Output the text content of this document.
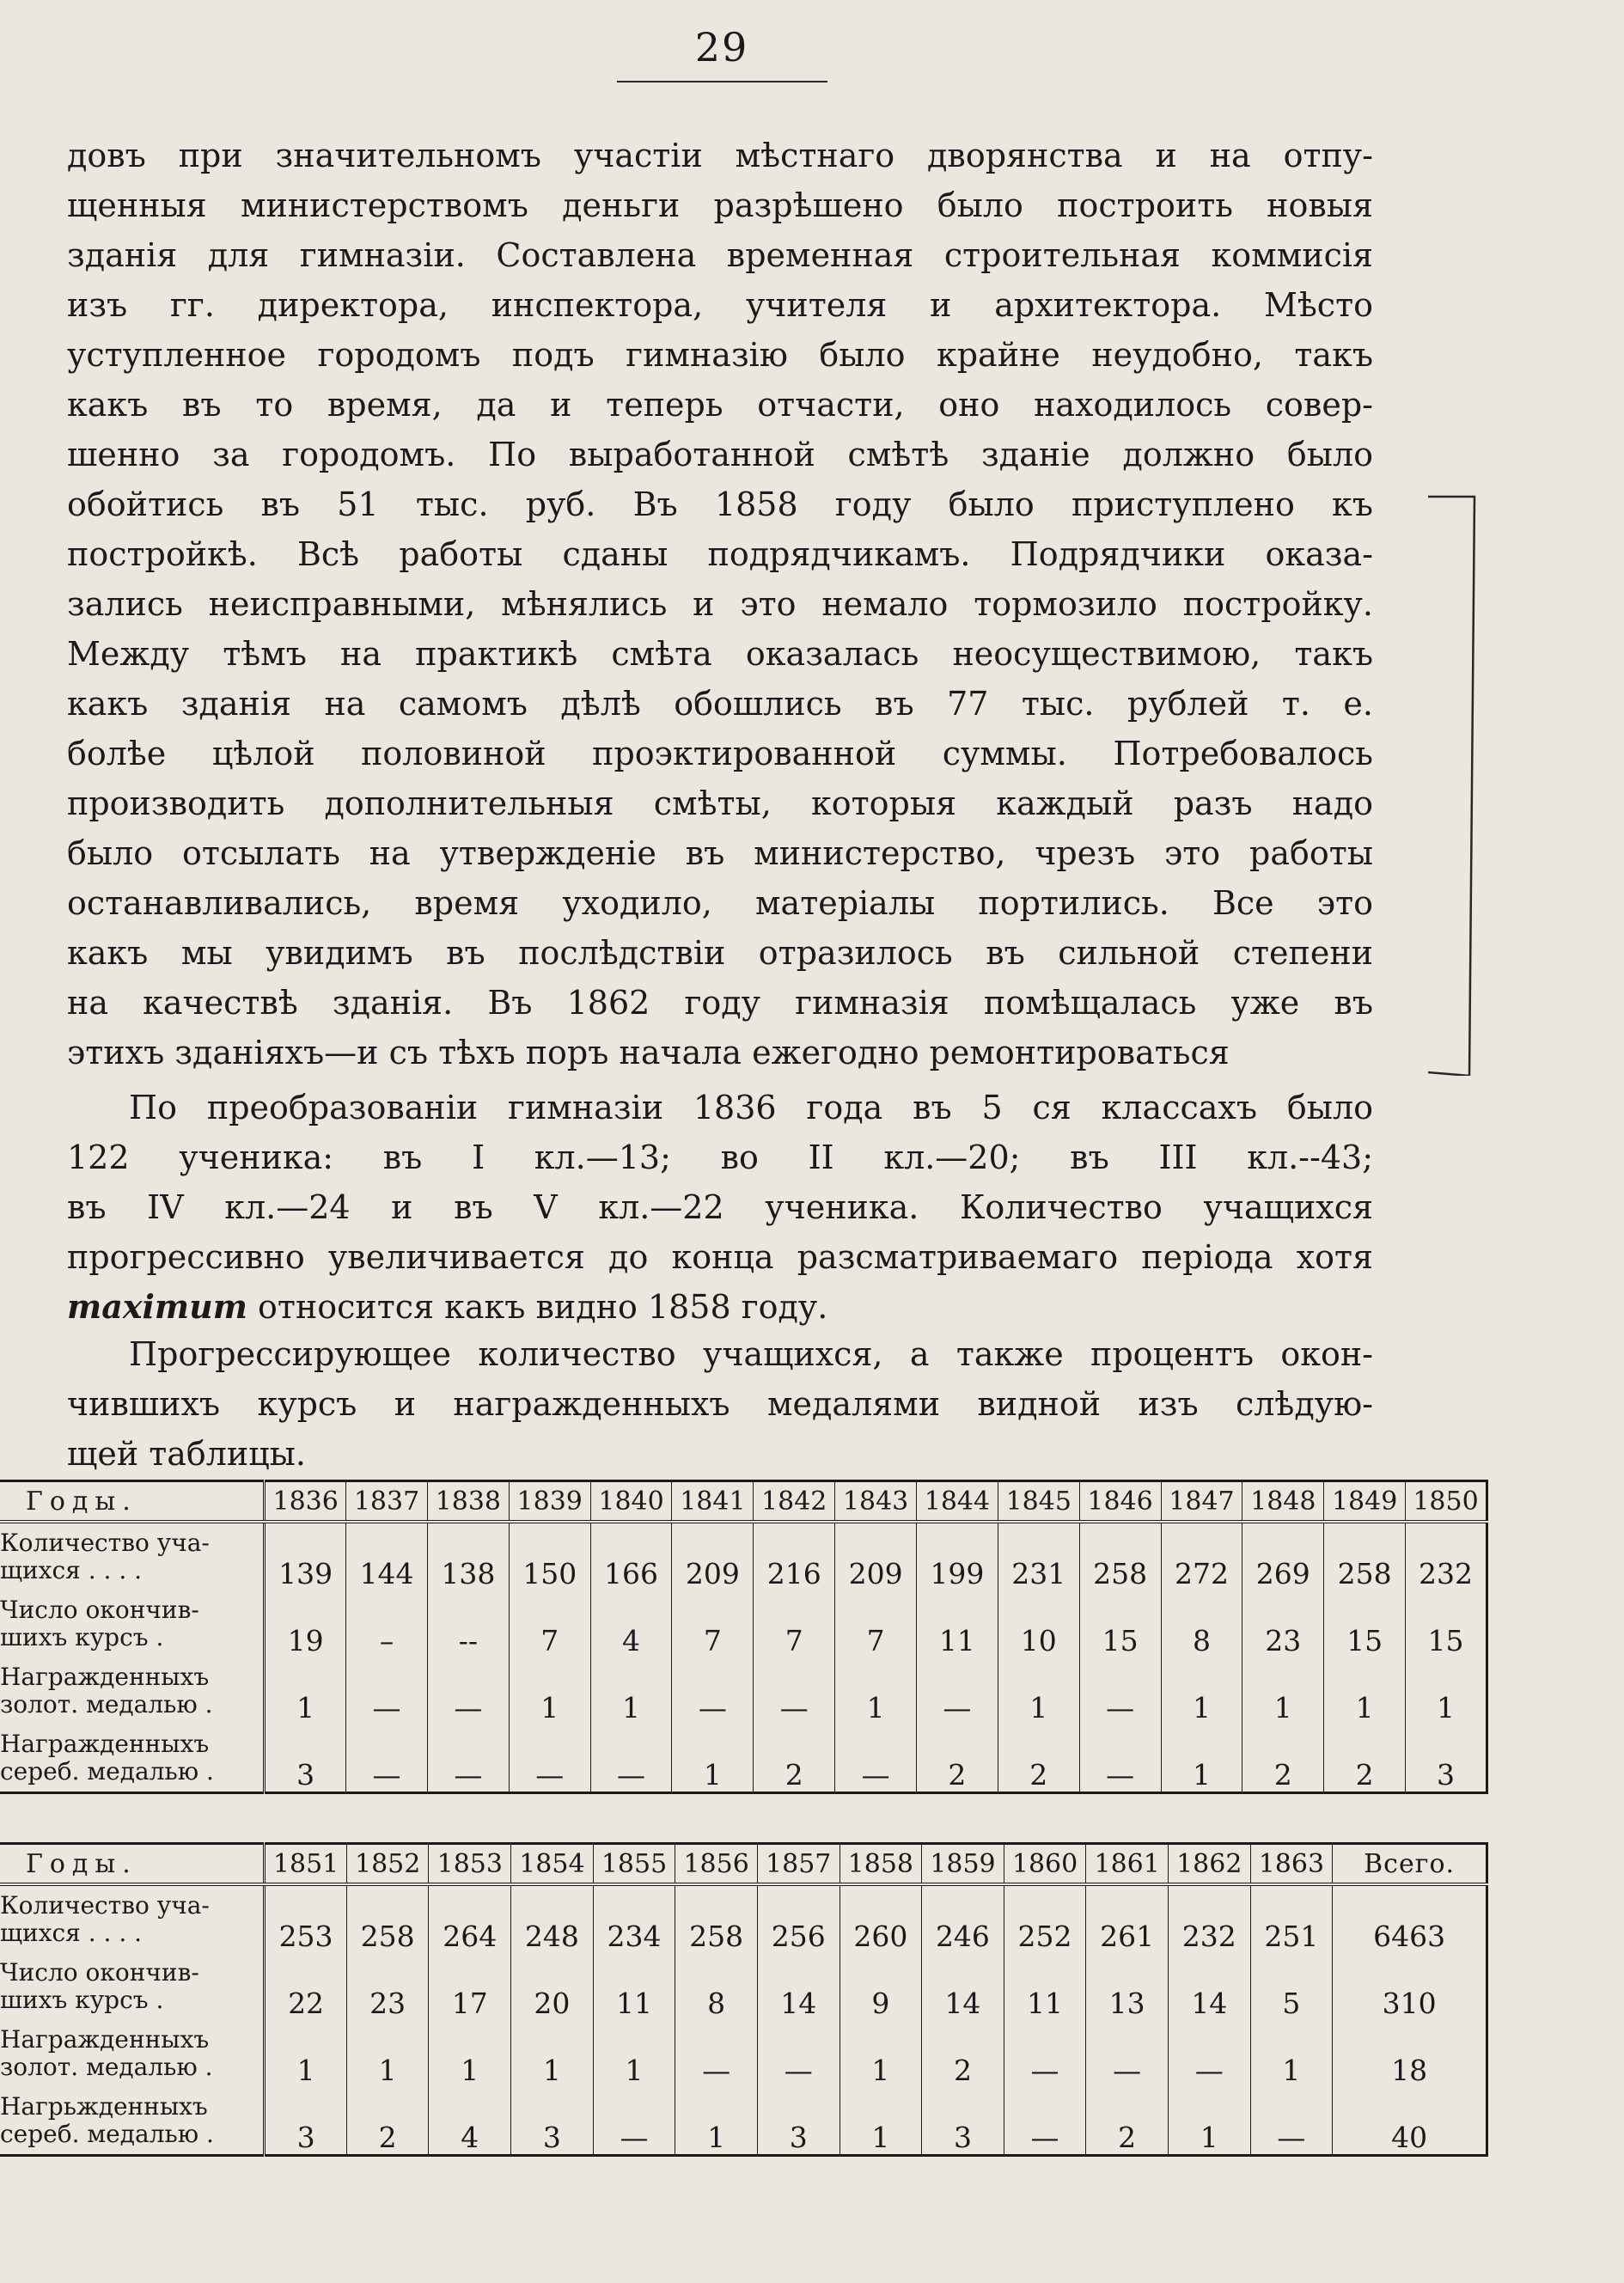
29
довъ при значительномъ участіи мѣстнаго дворянства и на отпу-
щенныя министерствомъ деньги разрѣшено было построить новыя
зданія для гимназіи. Составлена временная строительная коммисія
изъ гг. директора, инспектора, учителя и архитектора. Мѣсто
уступленное городомъ подъ гимназію было крайне неудобно, такъ
какъ въ то время, да и теперь отчасти, оно находилось совер-
шенно за городомъ. По выработанной смѣтѣ зданіе должно было
обойтись въ 51 тыс. руб. Въ 1858 году было приступлено къ
постройкѣ. Всѣ работы сданы подрядчикамъ. Подрядчики оказа-
зались неисправными, мѣнялись и это немало тормозило постройку.
Между тѣмъ на практикѣ смѣта оказалась неосуществимою, такъ
какъ зданія на самомъ дѣлѣ обошлись въ 77 тыс. рублей т. е.
болѣе цѣлой половиной проэктированной суммы. Потребовалось
производить дополнительныя смѣты, которыя каждый разъ надо
было отсылать на утвержденіе въ министерство, чрезъ это работы
останавливались, время уходило, матеріалы портились. Все это
какъ мы увидимъ въ послѣдствіи отразилось въ сильной степени
на качествѣ зданія. Въ 1862 году гимназія помѣщалась уже въ
этихъ зданіяхъ—и съ тѣхъ поръ начала ежегодно ремонтироваться
По преобразованіи гимназіи 1836 года въ 5 ся классахъ было
122 ученика: въ I кл.—13; во II кл.—20; въ III кл.--43;
въ IV кл.—24 и въ V кл.—22 ученика. Количество учащихся
прогрессивно увеличивается до конца разсматриваемаго періода хотя
maximum относится какъ видно 1858 году.
Прогрессирующее количество учащихся, а также процентъ окон-
чившихъ курсъ и награжденныхъ медалями видной изъ слѣдую-
щей таблицы.
Годы.	1836	1837	1838	1839	1840	1841	1842	1843	1844	1845	1846	1847	1848	1849	1850

Количество уча-
щихся . . . .	139	144	138	150	166	209	216	209	199	231	258	272	269	258	232

Число окончив-
шихъ курсъ .	19	–	--	7	4	7	7	7	11	10	15	8	23	15	15

Награжденныхъ
золот. медалью .	1	—	—	1	1	—	—	1	—	1	—	1	1	1	1

Награжденныхъ
сереб. медалью .	3	—	—	—	—	1	2	—	2	2	—	1	2	2	3
Годы.	1851	1852	1853	1854	1855	1856	1857	1858	1859	1860	1861	1862	1863	Всего.

Количество уча-
щихся . . . .	253	258	264	248	234	258	256	260	246	252	261	232	251	6463

Число окончив-
шихъ курсъ .	22	23	17	20	11	8	14	9	14	11	13	14	5	310

Награжденныхъ
золот. медалью .	1	1	1	1	1	—	—	1	2	—	—	—	1	18

Нагрьжденныхъ
сереб. медалью .	3	2	4	3	—	1	3	1	3	—	2	1	—	40
